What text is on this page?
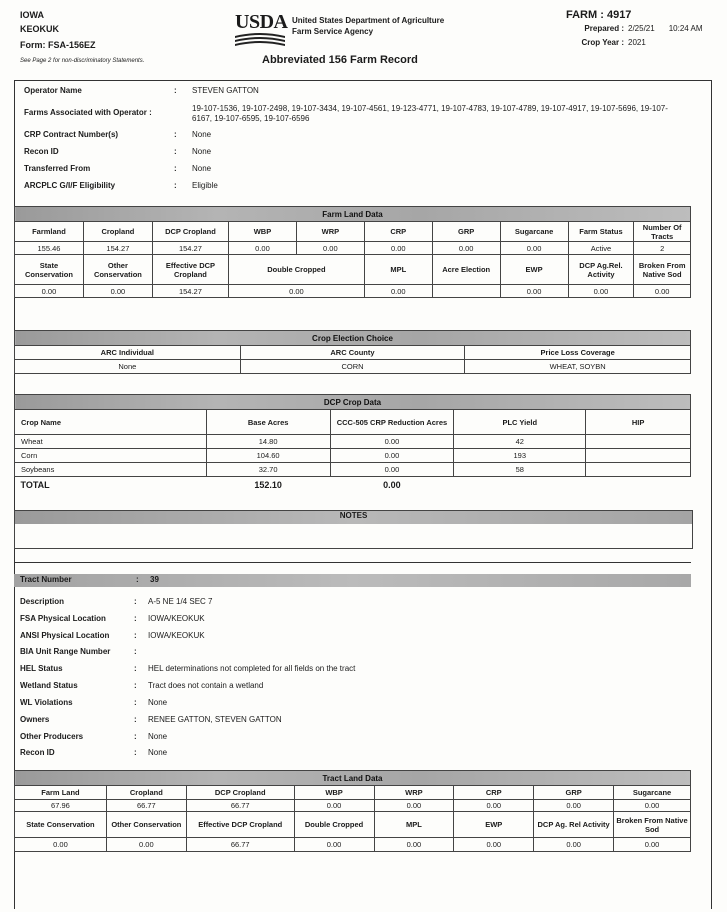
IOWA
KEOKUK
Form: FSA-156EZ
See Page 2 for non-discriminatory Statements.
USDA United States Department of Agriculture
Farm Service Agency
Abbreviated 156 Farm Record
FARM : 4917
Prepared : 2/25/21 10:24 AM
Crop Year : 2021
Operator Name	: STEVEN GATTON
Farms Associated with Operator :	19-107-1536, 19-107-2498, 19-107-3434, 19-107-4561, 19-123-4771, 19-107-4783, 19-107-4789, 19-107-4917, 19-107-5696, 19-107-6167, 19-107-6595, 19-107-6596
CRP Contract Number(s)	: None
Recon ID	: None
Transferred From	: None
ARCPLC G/I/F Eligibility	: Eligible
Farm Land Data									
Farmland	Cropland	DCP Cropland	WBP	WRP	CRP	GRP	Sugarcane	Farm Status	Number Of Tracts
155.46	154.27	154.27	0.00	0.00	0.00	0.00	0.00	Active	2
State Conservation	Other Conservation	Effective DCP Cropland	Double Cropped		MPL	Acre Election	EWP	DCP Ag.Rel. Activity	Broken From Native Sod
0.00	0.00	154.27	0.00		0.00		0.00	0.00	0.00
Crop Election Choice		
ARC Individual	ARC County	Price Loss Coverage
None	CORN	WHEAT, SOYBN
DCP Crop Data				
Crop Name	Base Acres	CCC-505 CRP Reduction Acres	PLC Yield	HIP
Wheat	14.80	0.00	42	
Corn	104.60	0.00	193	
Soybeans	32.70	0.00	58	
TOTAL	152.10	0.00		
NOTES
Tract Number	: 39
Description	: A-5 NE 1/4 SEC 7
FSA Physical Location	: IOWA/KEOKUK
ANSI Physical Location	: IOWA/KEOKUK
BIA Unit Range Number	:
HEL Status	: HEL determinations not completed for all fields on the tract
Wetland Status	: Tract does not contain a wetland
WL Violations	: None
Owners	: RENEE GATTON, STEVEN GATTON
Other Producers	: None
Recon ID	: None
Tract Land Data							
Farm Land	Cropland	DCP Cropland	WBP	WRP	CRP	GRP	Sugarcane
67.96	66.77	66.77	0.00	0.00	0.00	0.00	0.00
State Conservation	Other Conservation	Effective DCP Cropland	Double Cropped	MPL	EWP	DCP Ag. Rel Activity	Broken From Native Sod
0.00	0.00	66.77	0.00	0.00	0.00	0.00	0.00
